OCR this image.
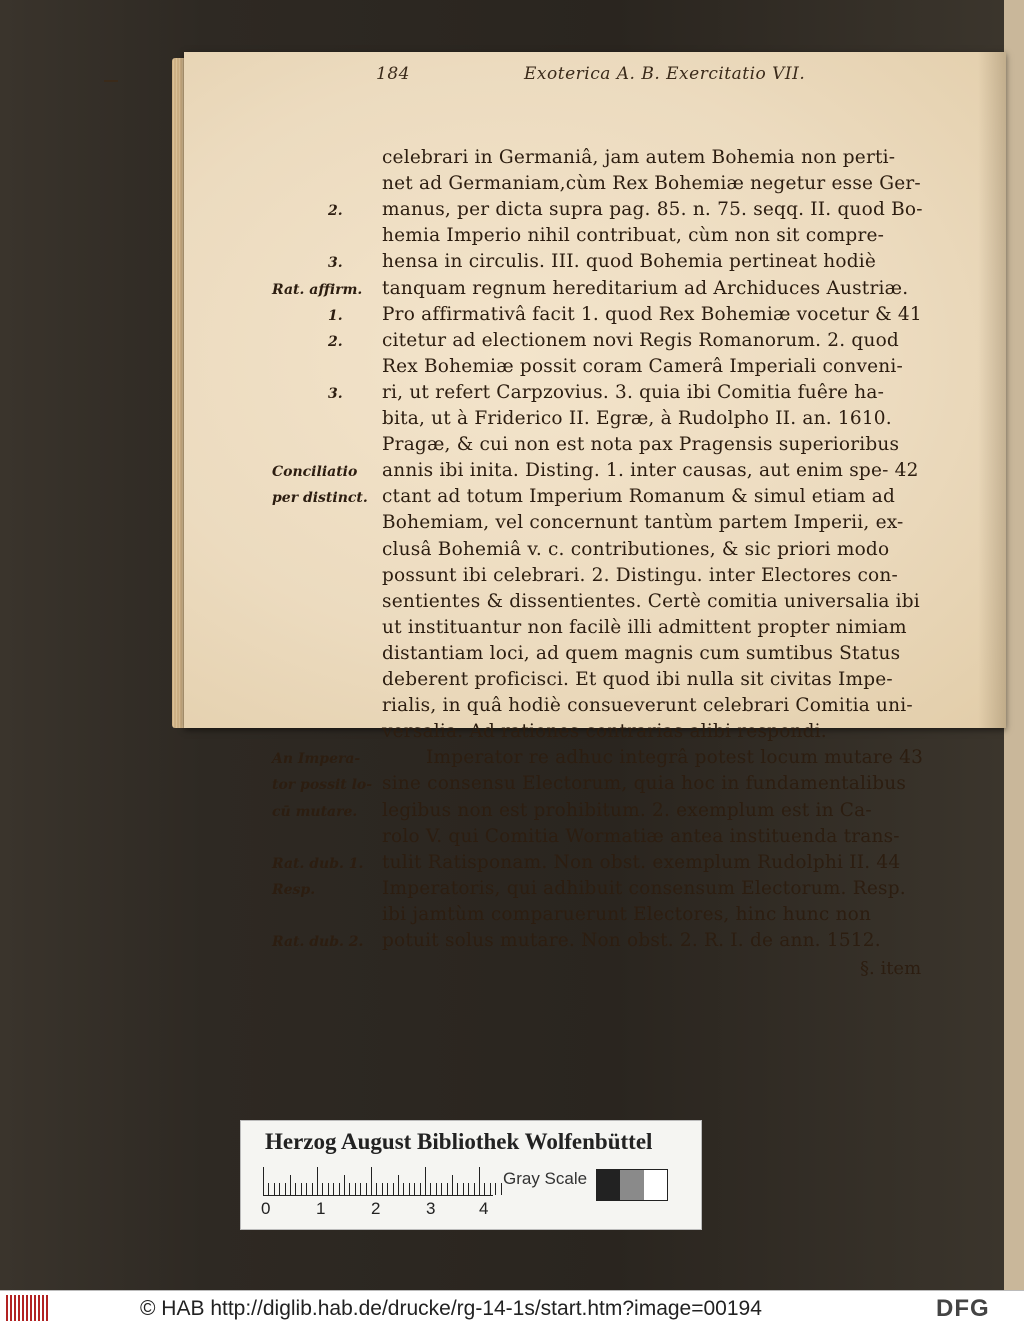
184	Exoterica A. B. Exercitatio VII.
celebrari in Germaniâ, jam autem Bohemia non perti-
net ad Germaniam,cùm Rex Bohemiæ negetur esse Ger-
manus, per dicta supra pag. 85. n. 75. seqq. II. quod Bo-
hemia Imperio nihil contribuat, cùm non sit compre-
hensa in circulis. III. quod Bohemia pertineat hodiè
tanquam regnum hereditarium ad Archiduces Austriæ.
Pro affirmativâ facit 1. quod Rex Bohemiæ vocetur & 41
citetur ad electionem novi Regis Romanorum. 2. quod
Rex Bohemiæ possit coram Camerâ Imperiali conveni-
ri, ut refert Carpzovius. 3. quia ibi Comitia fuêre ha-
bita, ut à Friderico II. Egræ, à Rudolpho II. an. 1610.
Pragæ, & cui non est nota pax Pragensis superioribus
annis ibi inita. Disting. 1. inter causas, aut enim spe- 42
ctant ad totum Imperium Romanum & simul etiam ad
Bohemiam, vel concernunt tantùm partem Imperii, ex-
clusâ Bohemiâ v. c. contributiones, & sic priori modo
possunt ibi celebrari. 2. Distingu. inter Electores con-
sentientes & dissentientes. Certè comitia universalia ibi
ut instituantur non facilè illi admittent propter nimiam
distantiam loci, ad quem magnis cum sumtibus Status
deberent proficisci. Et quod ibi nulla sit civitas Impe-
rialis, in quâ hodiè consueverunt celebrari Comitia uni-
versalia. Ad rationes contrarias alibi respondi.
Imperator re adhuc integrâ potest locum mutare 43
sine consensu Electorum, quia hoc in fundamentalibus
legibus non est prohibitum. 2. exemplum est in Ca-
rolo V. qui Comitia Wormatiæ antea instituenda trans-
tulit Ratisponam. Non obst. exemplum Rudolphi II. 44
Imperatoris, qui adhibuit consensum Electorum. Resp.
ibi jamtùm comparuerunt Electores, hinc hunc non
potuit solus mutare. Non obst. 2. R. I. de ann. 1512.
2.
3.
Rat. affirm.
1.
2.
3.
Conciliatio
per distinct.
An Impera-
tor possit lo-
cū mutare.
Rat. dub. 1.
Resp.
Rat. dub. 2.
§. item
Herzog August Bibliothek Wolfenbüttel
0	1	2	3	4
Gray Scale
© HAB http://diglib.hab.de/drucke/rg-14-1s/start.htm?image=00194	DFG
